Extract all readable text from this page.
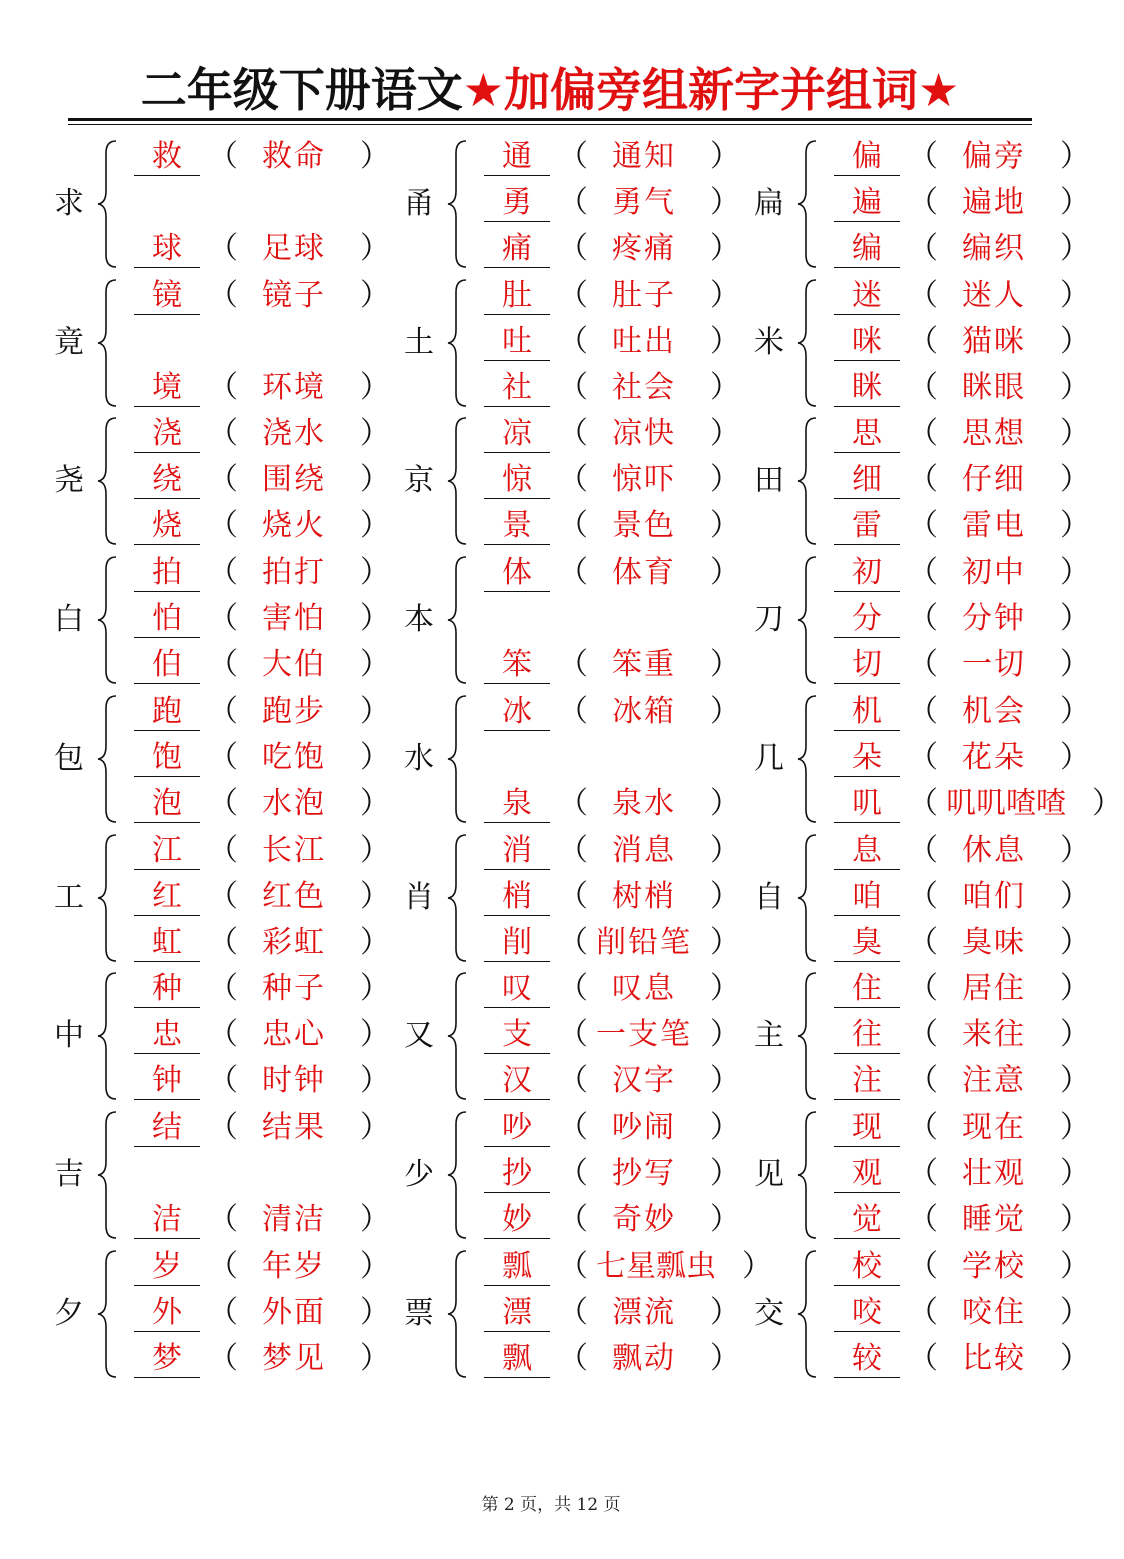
二年级下册语文★加偏旁组新字并组词★
求
救 （ 救命	）
球 （ 足球	）
甬
通 （ 通知	）
勇 （ 勇气	）
痛 （ 疼痛	）
扁
偏 （ 偏旁	）
遍 （ 遍地	）
编 （ 编织	）
竟
镜 （ 镜子	）
境 （ 环境	）
土
肚 （ 肚子	）
吐 （ 吐出	）
社 （ 社会	）
米
迷 （ 迷人	）
咪 （ 猫咪	）
眯 （ 眯眼	）
尧
浇 （ 浇水	）
绕 （ 围绕	）
烧 （ 烧火	）
京
凉 （ 凉快	）
惊 （ 惊吓	）
景 （ 景色	）
田
思 （ 思想	）
细 （ 仔细	）
雷 （ 雷电	）
白
拍 （ 拍打	）
怕 （ 害怕	）
伯 （ 大伯	）
本
体 （ 体育	）
笨 （ 笨重	）
刀
初 （ 初中	）
分 （ 分钟	）
切 （ 一切	）
包
跑 （ 跑步	）
饱 （ 吃饱	）
泡 （ 水泡	）
水
冰 （ 冰箱	）
泉 （ 泉水	）
几
机 （ 机会	）
朵 （ 花朵	）
叽 （ 叽叽喳喳 ）
工
江 （ 长江	）
红 （ 红色	）
虹 （ 彩虹	）
肖
消 （ 消息	）
梢 （ 树梢	）
削 （ 削铅笔 ）
自
息 （ 休息	）
咱 （ 咱们	）
臭 （ 臭味	）
中
种 （ 种子	）
忠 （ 忠心	）
钟 （ 时钟	）
又
叹 （ 叹息	）
支 （ 一支笔 ）
汉 （ 汉字	）
主
住 （ 居住	）
往 （ 来往	）
注 （ 注意	）
吉
结 （ 结果	）
洁 （ 清洁	）
少
吵 （ 吵闹	）
抄 （ 抄写	）
妙 （ 奇妙	）
见
现 （ 现在	）
观 （ 壮观	）
觉 （ 睡觉	）
夕
岁 （ 年岁	）
外 （ 外面	）
梦 （ 梦见	）
票
瓢 （ 七星瓢虫 ）
漂 （ 漂流	）
飘 （ 飘动	）
交
校 （ 学校	）
咬 （ 咬住	）
较 （ 比较	）
第 2 页，共 12 页
